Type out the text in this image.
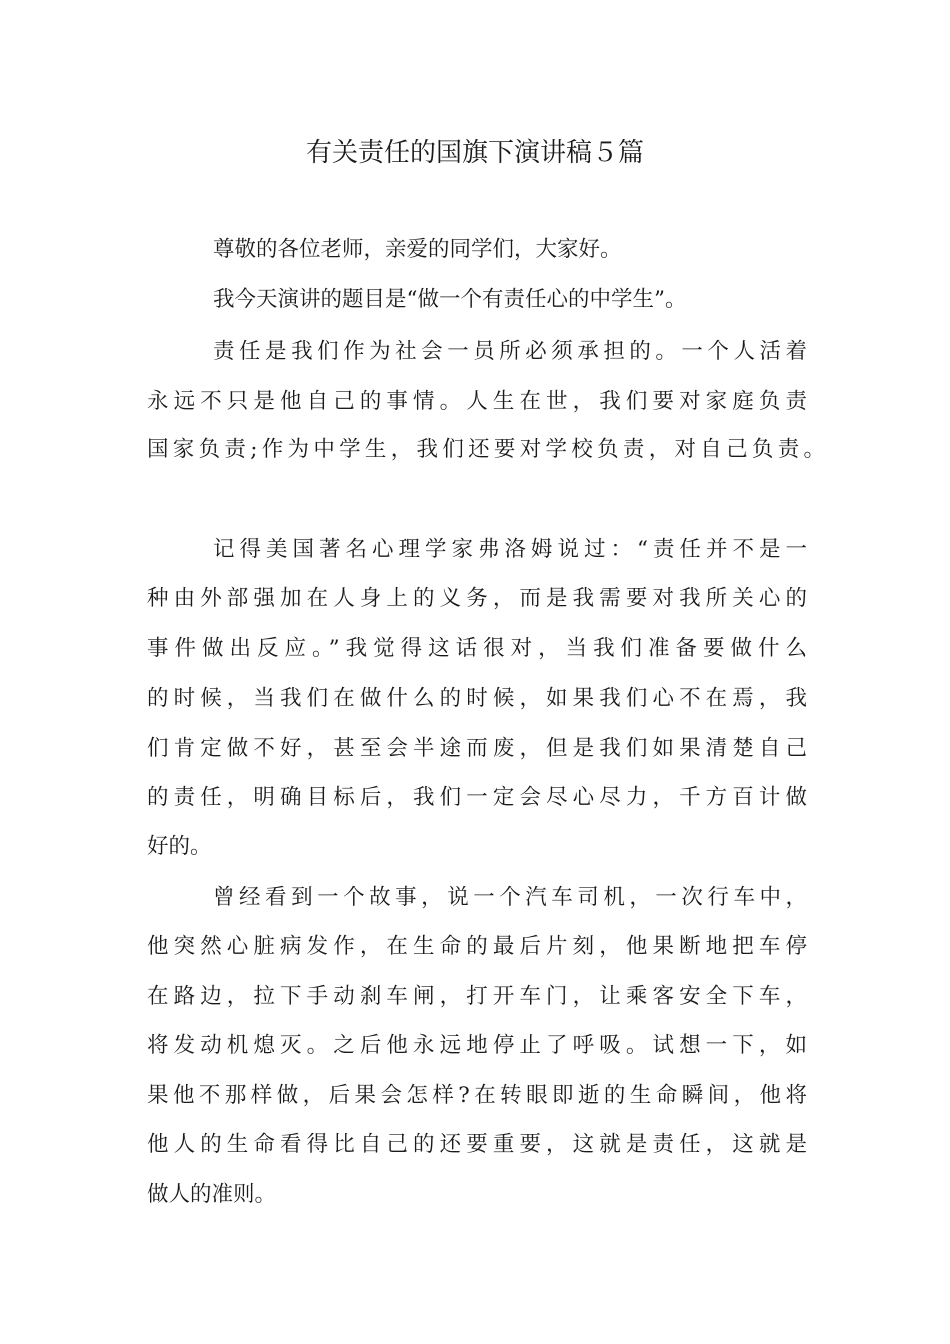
有关责任的国旗下演讲稿５篇

尊敬的各位老师，亲爱的同学们，大家好。

我今天演讲的题目是“做一个有责任心的中学生”。

责任是我们作为社会一员所必须承担的。一个人活着

永远不只是他自己的事情。人生在世，我们要对家庭负责

国家负责;作为中学生，我们还要对学校负责，对自己负责。

记得美国著名心理学家弗洛姆说过：“责任并不是一

种由外部强加在人身上的义务，而是我需要对我所关心的

事件做出反应。”我觉得这话很对，当我们准备要做什么

的时候，当我们在做什么的时候，如果我们心不在焉，我

们肯定做不好，甚至会半途而废，但是我们如果清楚自己

的责任，明确目标后，我们一定会尽心尽力，千方百计做

好的。

曾经看到一个故事，说一个汽车司机，一次行车中，

他突然心脏病发作，在生命的最后片刻，他果断地把车停

在路边，拉下手动刹车闸，打开车门，让乘客安全下车，

将发动机熄灭。之后他永远地停止了呼吸。试想一下，如

果他不那样做，后果会怎样?在转眼即逝的生命瞬间，他将

他人的生命看得比自己的还要重要，这就是责任，这就是

做人的准则。
